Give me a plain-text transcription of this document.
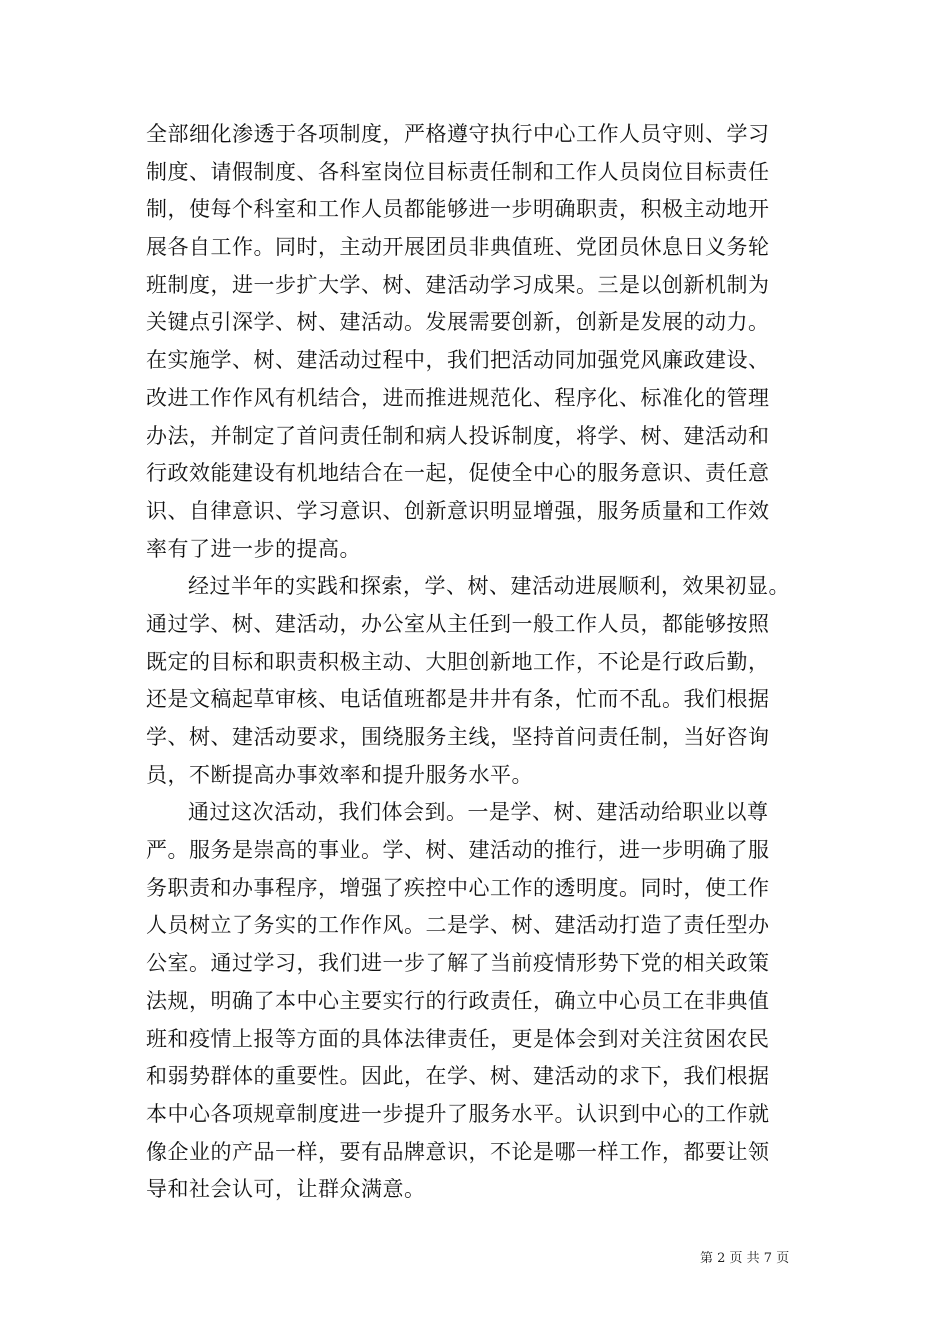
全部细化渗透于各项制度，严格遵守执行中心工作人员守则、学习
制度、请假制度、各科室岗位目标责任制和工作人员岗位目标责任
制，使每个科室和工作人员都能够进一步明确职责，积极主动地开
展各自工作。同时，主动开展团员非典值班、党团员休息日义务轮
班制度，进一步扩大学、树、建活动学习成果。三是以创新机制为
关键点引深学、树、建活动。发展需要创新，创新是发展的动力。
在实施学、树、建活动过程中，我们把活动同加强党风廉政建设、
改进工作作风有机结合，进而推进规范化、程序化、标准化的管理
办法，并制定了首问责任制和病人投诉制度，将学、树、建活动和
行政效能建设有机地结合在一起，促使全中心的服务意识、责任意
识、自律意识、学习意识、创新意识明显增强，服务质量和工作效
率有了进一步的提高。
经过半年的实践和探索，学、树、建活动进展顺利，效果初显。
通过学、树、建活动，办公室从主任到一般工作人员，都能够按照
既定的目标和职责积极主动、大胆创新地工作，不论是行政后勤，
还是文稿起草审核、电话值班都是井井有条，忙而不乱。我们根据
学、树、建活动要求，围绕服务主线，坚持首问责任制，当好咨询
员，不断提高办事效率和提升服务水平。
通过这次活动，我们体会到。一是学、树、建活动给职业以尊
严。服务是崇高的事业。学、树、建活动的推行，进一步明确了服
务职责和办事程序，增强了疾控中心工作的透明度。同时，使工作
人员树立了务实的工作作风。二是学、树、建活动打造了责任型办
公室。通过学习，我们进一步了解了当前疫情形势下党的相关政策
法规，明确了本中心主要实行的行政责任，确立中心员工在非典值
班和疫情上报等方面的具体法律责任，更是体会到对关注贫困农民
和弱势群体的重要性。因此，在学、树、建活动的求下，我们根据
本中心各项规章制度进一步提升了服务水平。认识到中心的工作就
像企业的产品一样，要有品牌意识，不论是哪一样工作，都要让领
导和社会认可，让群众满意。
第 2 页 共 7 页
